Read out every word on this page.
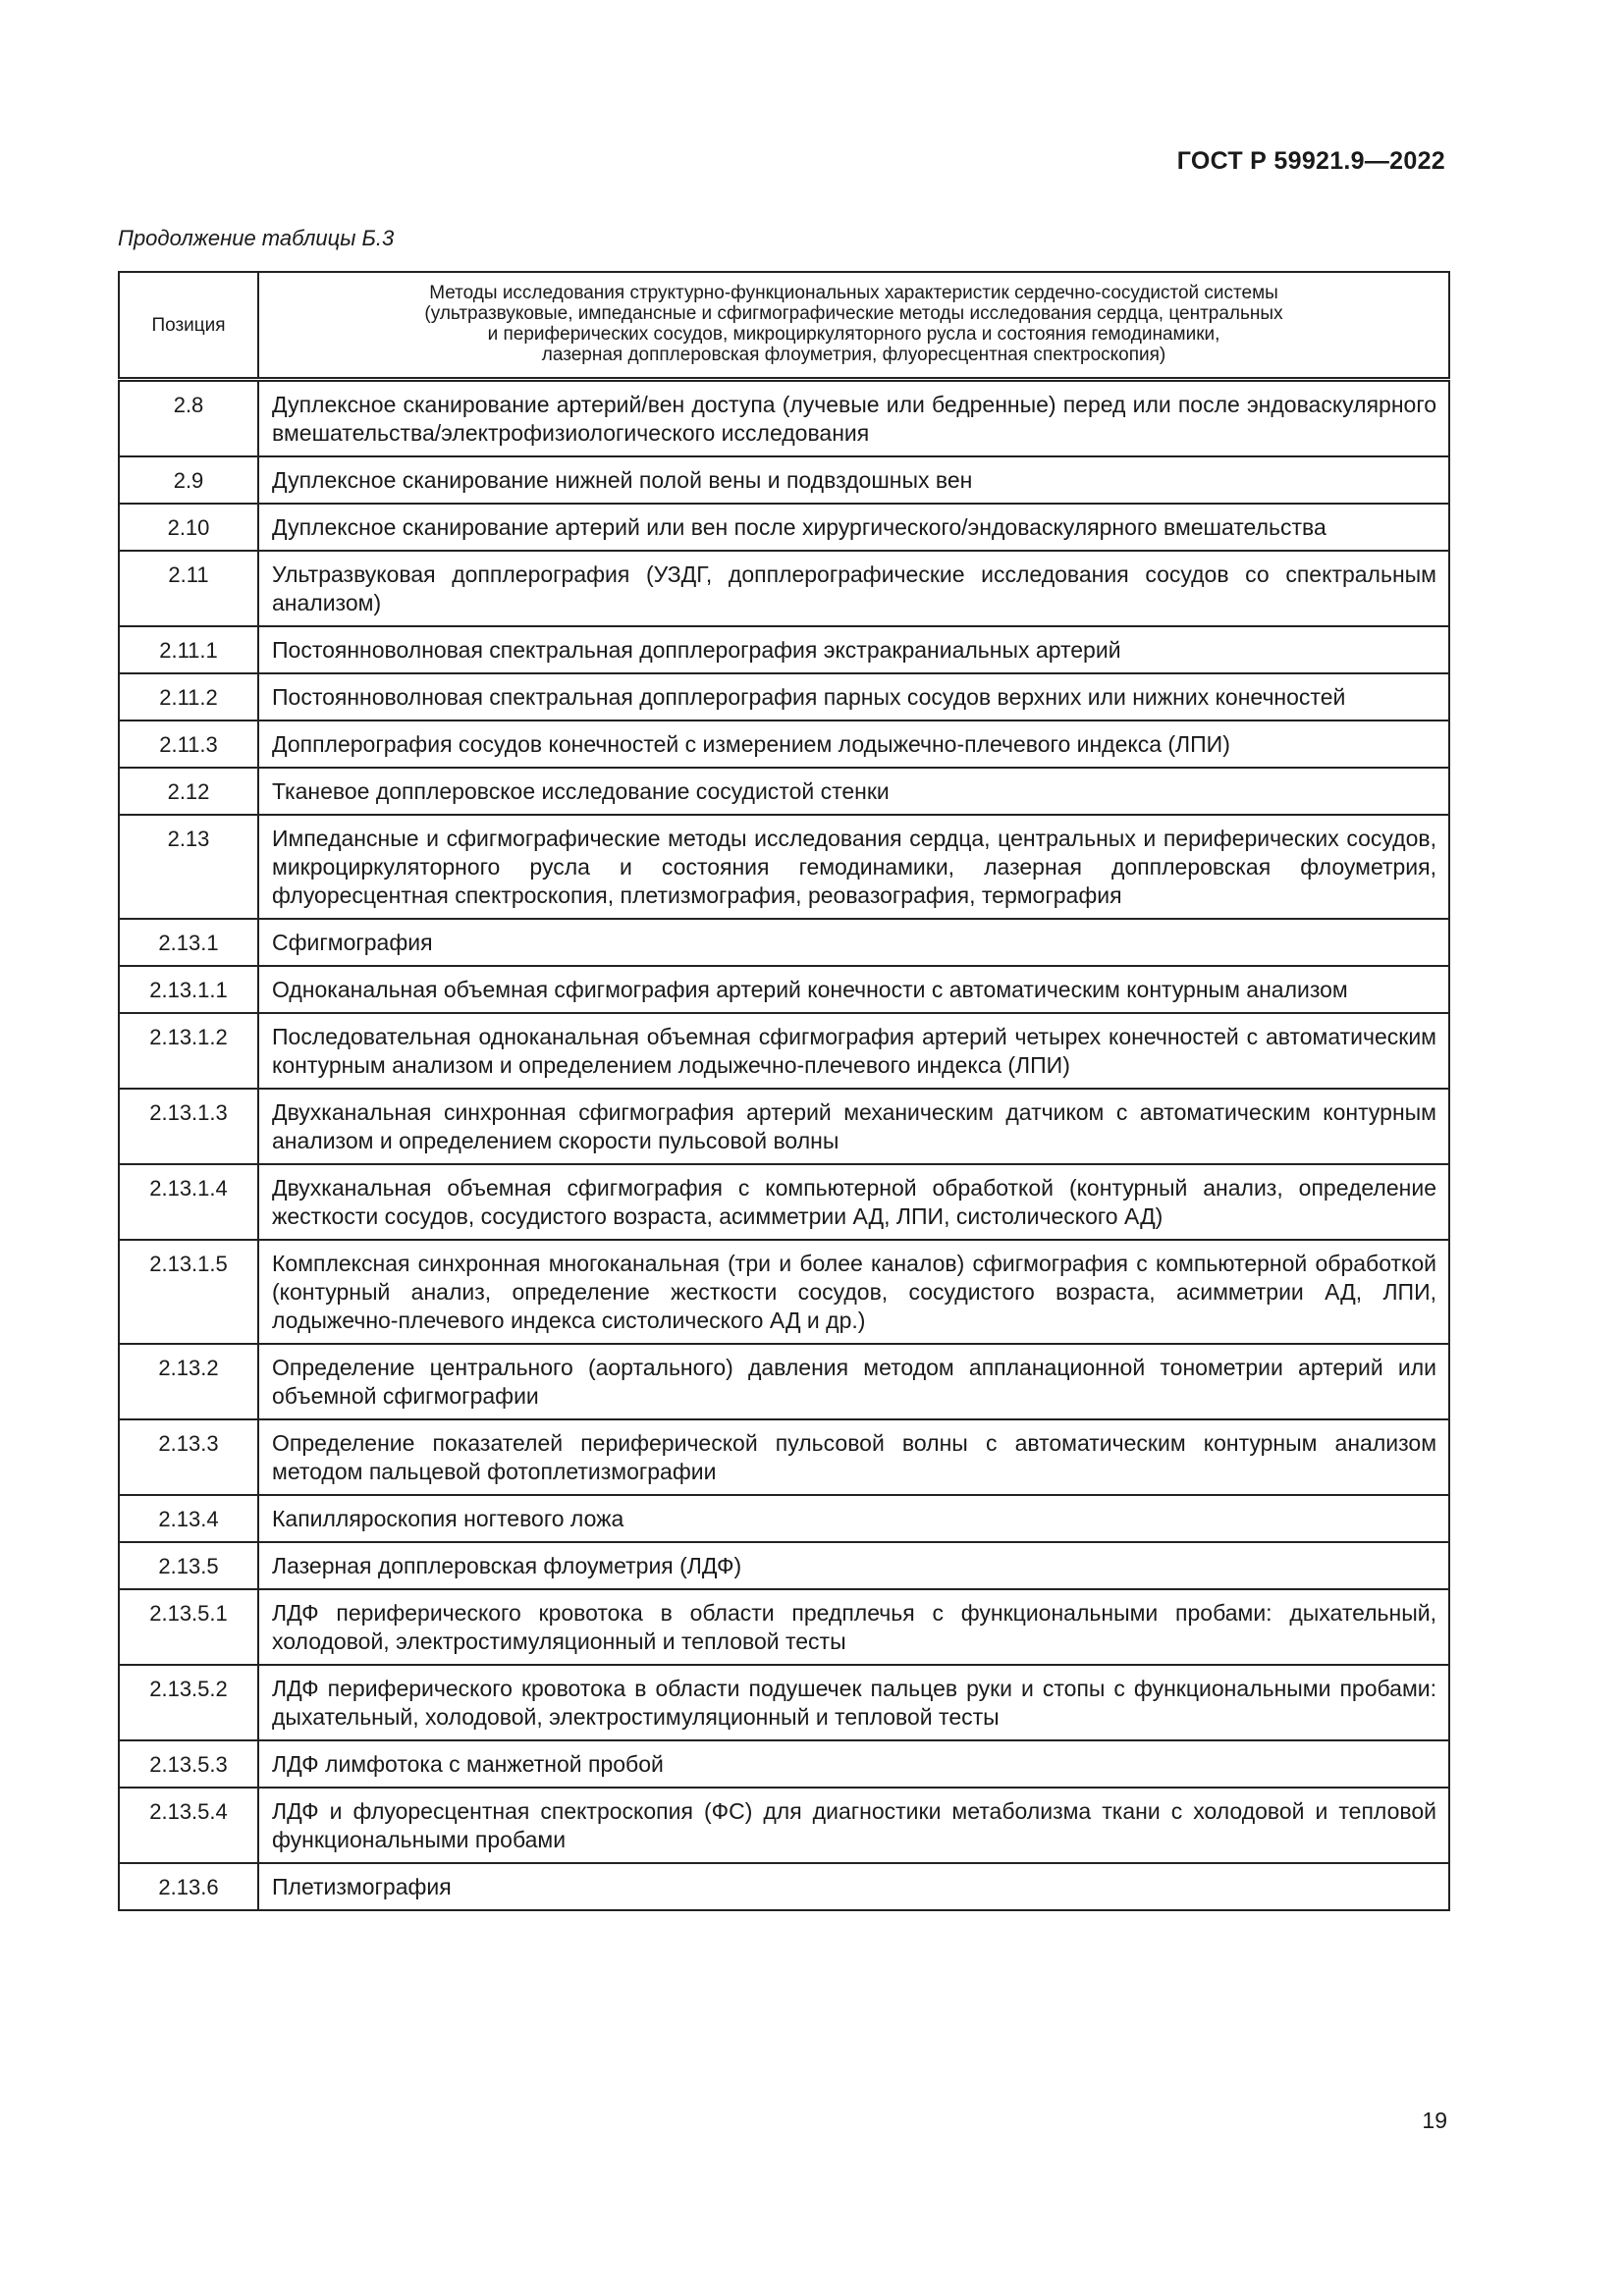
ГОСТ Р 59921.9—2022
Продолжение таблицы Б.3
Позиция	Методы исследования структурно-функциональных характеристик сердечно-сосудистой системы
(ультразвуковые, импедансные и сфигмографические методы исследования сердца, центральных
и периферических сосудов, микроциркуляторного русла и состояния гемодинамики,
лазерная допплеровская флоуметрия, флуоресцентная спектроскопия)

2.8	Дуплексное сканирование артерий/вен доступа (лучевые или бедренные) перед или после эндоваскулярного вмешательства/электрофизиологического исследования
2.9	Дуплексное сканирование нижней полой вены и подвздошных вен
2.10	Дуплексное сканирование артерий или вен после хирургического/эндоваскулярного вмешательства
2.11	Ультразвуковая допплерография (УЗДГ, допплерографические исследования сосудов со спектральным анализом)
2.11.1	Постоянноволновая спектральная допплерография экстракраниальных артерий
2.11.2	Постоянноволновая спектральная допплерография парных сосудов верхних или нижних конечностей
2.11.3	Допплерография сосудов конечностей с измерением лодыжечно-плечевого индекса (ЛПИ)
2.12	Тканевое допплеровское исследование сосудистой стенки
2.13	Импедансные и сфигмографические методы исследования сердца, центральных и периферических сосудов, микроциркуляторного русла и состояния гемодинамики, лазерная допплеровская флоуметрия, флуоресцентная спектроскопия, плетизмография, реовазография, термография
2.13.1	Сфигмография
2.13.1.1	Одноканальная объемная сфигмография артерий конечности с автоматическим контурным анализом
2.13.1.2	Последовательная одноканальная объемная сфигмография артерий четырех конечностей с автоматическим контурным анализом и определением лодыжечно-плечевого индекса (ЛПИ)
2.13.1.3	Двухканальная синхронная сфигмография артерий механическим датчиком с автоматическим контурным анализом и определением скорости пульсовой волны
2.13.1.4	Двухканальная объемная сфигмография с компьютерной обработкой (контурный анализ, определение жесткости сосудов, сосудистого возраста, асимметрии АД, ЛПИ, систолического АД)
2.13.1.5	Комплексная синхронная многоканальная (три и более каналов) сфигмография с компьютерной обработкой (контурный анализ, определение жесткости сосудов, сосудистого возраста, асимметрии АД, ЛПИ, лодыжечно-плечевого индекса систолического АД и др.)
2.13.2	Определение центрального (аортального) давления методом аппланационной тонометрии артерий или объемной сфигмографии
2.13.3	Определение показателей периферической пульсовой волны с автоматическим контурным анализом методом пальцевой фотоплетизмографии
2.13.4	Капилляроскопия ногтевого ложа
2.13.5	Лазерная допплеровская флоуметрия (ЛДФ)
2.13.5.1	ЛДФ периферического кровотока в области предплечья с функциональными пробами: дыхательный, холодовой, электростимуляционный и тепловой тесты
2.13.5.2	ЛДФ периферического кровотока в области подушечек пальцев руки и стопы с функциональными пробами: дыхательный, холодовой, электростимуляционный и тепловой тесты
2.13.5.3	ЛДФ лимфотока с манжетной пробой
2.13.5.4	ЛДФ и флуоресцентная спектроскопия (ФС) для диагностики метаболизма ткани с холодовой и тепловой функциональными пробами
2.13.6	Плетизмография
19
